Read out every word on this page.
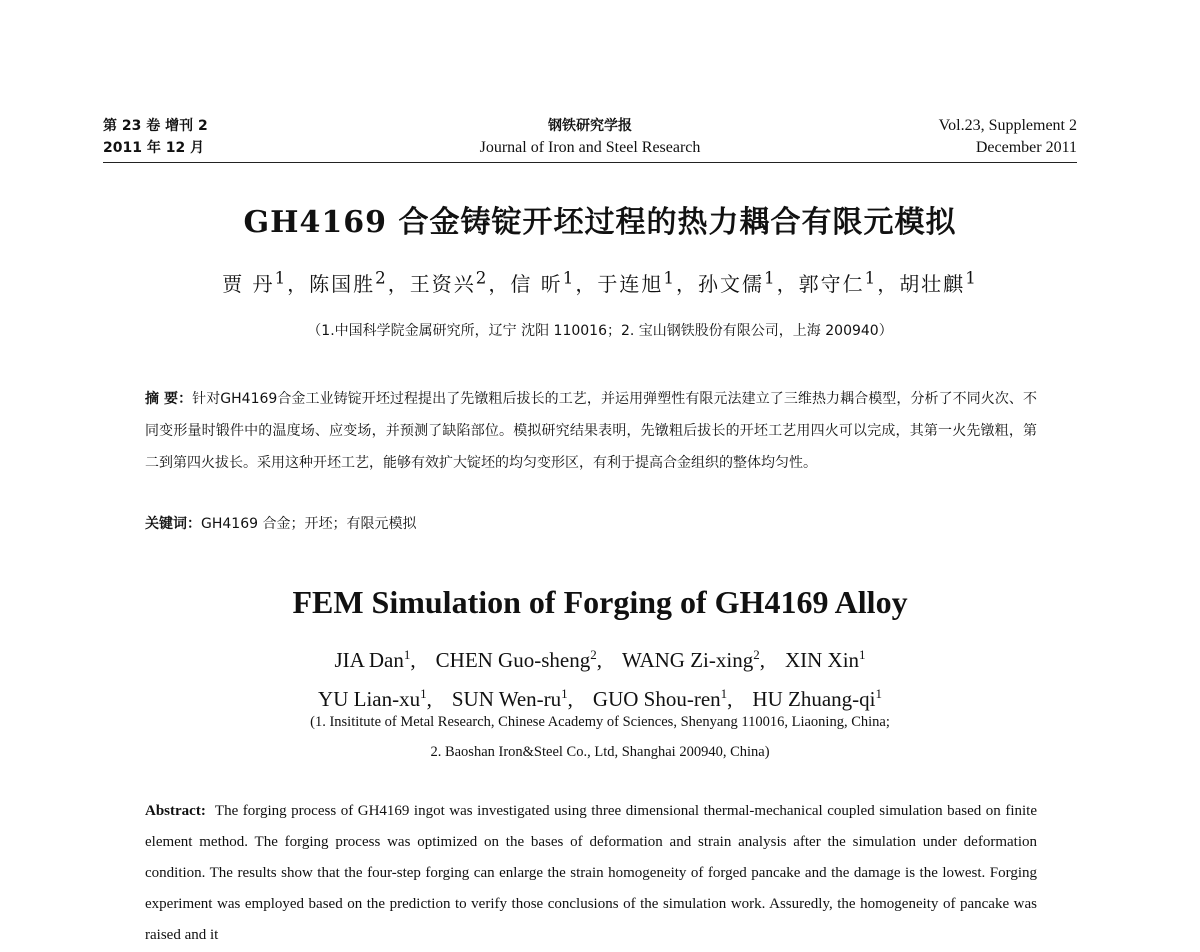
第 23 卷 增刊 2
2011 年 12 月
钢铁研究学报
Journal of Iron and Steel Research
Vol.23, Supplement 2
December 2011
GH4169 合金铸锭开坯过程的热力耦合有限元模拟
贾 丹$^1$，陈国胜$^2$，王资兴$^2$，信 昕$^1$，于连旭$^1$，孙文儒$^1$，郭守仁$^1$，胡壮麒$^1$
（1.中国科学院金属研究所，辽宁 沈阳 110016；2. 宝山钢铁股份有限公司，上海 200940）
摘 要：针对GH4169合金工业铸锭开坯过程提出了先镦粗后拔长的工艺，并运用弹塑性有限元法建立了三维热力耦合模型，分析了不同火次、不同变形量时锻件中的温度场、应变场，并预测了缺陷部位。模拟研究结果表明，先镦粗后拔长的开坯工艺用四火可以完成，其第一火先镦粗，第二到第四火拔长。采用这种开坯工艺，能够有效扩大锭坯的均匀变形区，有利于提高合金组织的整体均匀性。
关键词：GH4169 合金；开坯；有限元模拟
FEM Simulation of Forging of GH4169 Alloy
JIA Dan$^1$, CHEN Guo-sheng$^2$, WANG Zi-xing$^2$, XIN Xin$^1$
YU Lian-$xu^1$, SUN Wen-$ru^1$, GUO Shou-ren$^1$, HU Zhuang-$qi^1$
(1. Insititute of Metal Research, Chinese Academy of Sciences, Shenyang 110016, Liaoning, China;
2. Baoshan Iron&Steel Co., Ltd, Shanghai 200940, China)
Abstract: The forging process of GH4169 ingot was investigated using three dimensional thermal-mechanical coupled simulation based on finite element method. The forging process was optimized on the bases of deformation and strain analysis after the simulation under deformation condition. The results show that the four-step forging can enlarge the strain homogeneity of forged pancake and the damage is the lowest. Forging experiment was employed based on the prediction to verify those conclusions of the simulation work. Assuredly, the homogeneity of pancake was raised and it
